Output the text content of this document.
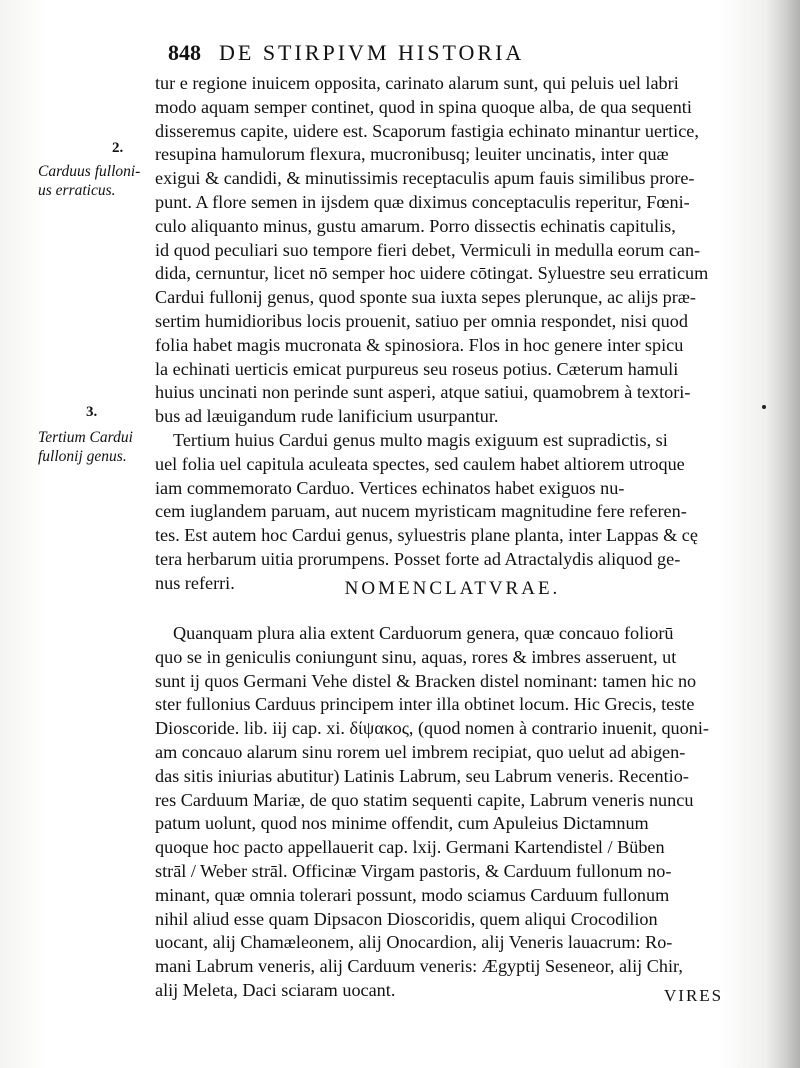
848 DE STIRPIVM HISTORIA
2.
Carduus fulloni-
us erraticus.
3.
Tertium Cardui
fullonij genus.
tur e regione inuicem opposita, carinato alarum sunt, qui peluis uel labri
modo aquam semper continet, quod in spina quoque alba, de qua sequenti
disseremus capite, uidere est. Scaporum fastigia echinato minantur uertice,
resupina hamulorum flexura, mucronibusq; leuiter uncinatis, inter quæ
exigui & candidi, & minutissimis receptaculis apum fauis similibus prore-
punt. A flore semen in ijsdem quæ diximus conceptaculis reperitur, Fœni-
culo aliquanto minus, gustu amarum. Porro dissectis echinatis capitulis,
id quod peculiari suo tempore fieri debet, Vermiculi in medulla eorum can-
dida, cernuntur, licet nō semper hoc uidere cōtingat. Syluestre seu erraticum
Cardui fullonij genus, quod sponte sua iuxta sepes plerunque, ac alijs præ-
sertim humidioribus locis prouenit, satiuo per omnia respondet, nisi quod
folia habet magis mucronata & spinosiora. Flos in hoc genere inter spicu
la echinati uerticis emicat purpureus seu roseus potius. Cæterum hamuli
huius uncinati non perinde sunt asperi, atque satiui, quamobrem à textori-
bus ad læuigandum rude lanificium usurpantur.
Tertium huius Cardui genus multo magis exiguum est supradictis, si
uel folia uel capitula aculeata spectes, sed caulem habet altiorem utroque
iam commemorato Carduo. Vertices echinatos habet exiguos nu-
cem iuglandem paruam, aut nucem myristicam magnitudine fere referen-
tes. Est autem hoc Cardui genus, syluestris plane planta, inter Lappas & cę
tera herbarum uitia prorumpens. Posset forte ad Atractalydis aliquod ge-
nus referri.	NOMENCLATVRAE.
Quanquam plura alia extent Carduorum genera, quæ concauo foliorū
quo se in geniculis coniungunt sinu, aquas, rores & imbres asseruent, ut
sunt ij quos Germani Vehe distel & Bracken distel nominant: tamen hic no
ster fullonius Carduus principem inter illa obtinet locum. Hic Grecis, teste
Dioscoride. lib. iij cap. xi. δίψακος, (quod nomen à contrario inuenit, quoni-
am concauo alarum sinu rorem uel imbrem recipiat, quo uelut ad abigen-
das sitis iniurias abutitur) Latinis Labrum, seu Labrum veneris. Recentio-
res Carduum Mariæ, de quo statim sequenti capite, Labrum veneris nuncu
patum uolunt, quod nos minime offendit, cum Apuleius Dictamnum
quoque hoc pacto appellauerit cap. lxij. Germani Kartendistel / Büben
strāl / Weber strāl. Officinæ Virgam pastoris, & Carduum fullonum no-
minant, quæ omnia tolerari possunt, modo sciamus Carduum fullonum
nihil aliud esse quam Dipsacon Dioscoridis, quem aliqui Crocodilion
uocant, alij Chamæleonem, alij Onocardion, alij Veneris lauacrum: Ro-
mani Labrum veneris, alij Carduum veneris: Ægyptij Seseneor, alij Chir,
alij Meleta, Daci sciaram uocant.	VIRES
